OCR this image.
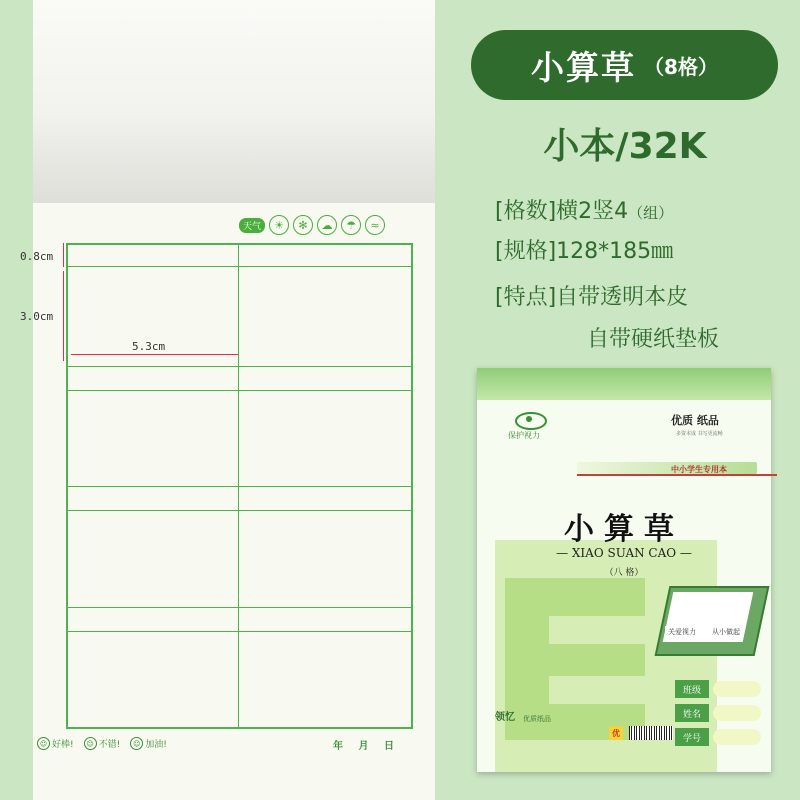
0.8cm
3.0cm
5.3cm
天气	☀	✻	☁	☂	≈
☺ 好棒!	☺ 不错!	☺ 加油!	年 月 日
小算草 （8格）
小本/32K
[格数]横2竖4（组）
[规格]128*185㎜
[特点]自带透明本皮
自带硬纸垫板
保护视力
优质 纸品
多资本成 书写更流畅
中小学生专用本
小算草
— XIAO SUAN CAO —
（八 格）
关爱视力	从小做起
班级
姓名
学号
领忆 优质纸品
优
